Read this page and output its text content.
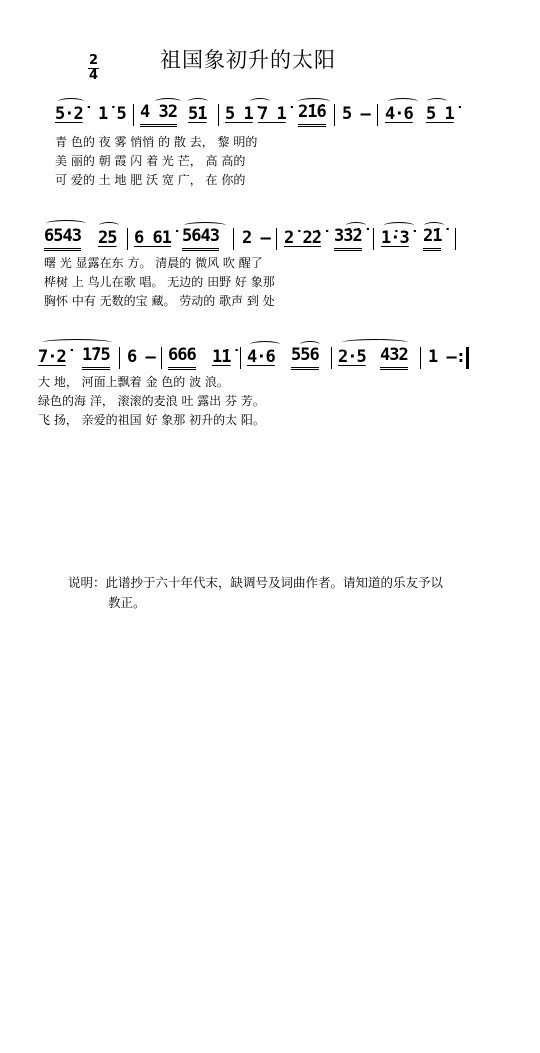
祖国象初升的太阳
$\frac{2}{4}$
5·2̇ 1̇ 5 4 32 5̇1 5 1̇ 7 1̇ 2̇1̇6 5 – 4·6 5 1̇
青 色的 夜 雾 悄悄 的 散 去， 黎 明的
美 丽的 朝 霞 闪 着 光 芒， 高 高的
可 爱的 土 地 肥 沃 宽 广， 在 你的
6543 25 6 61̇ 5643 2 – 2̇ 2̇2̇ 3̇3̇2̇ 1̇·3̇ 2̇1̇
曙 光 显露在东 方。 清晨的 微风 吹 醒了
桦树 上 鸟儿在歌 唱。 无边的 田野 好 象那
胸怀 中有 无数的宝 藏。 劳动的 歌声 到 处
7·2̇ 1̇75 6 – 666 1̇1̇ 4·6 556 2·5 432 1 –:
大 地， 河面上飘着 金 色的 波 浪。
绿色的海 洋， 滚滚的麦浪 吐 露出 芬 芳。
飞 扬， 亲爱的祖国 好 象那 初升的太 阳。
说明：此谱抄于六十年代末，缺调号及词曲作者。请知道的乐友予以
教正。
